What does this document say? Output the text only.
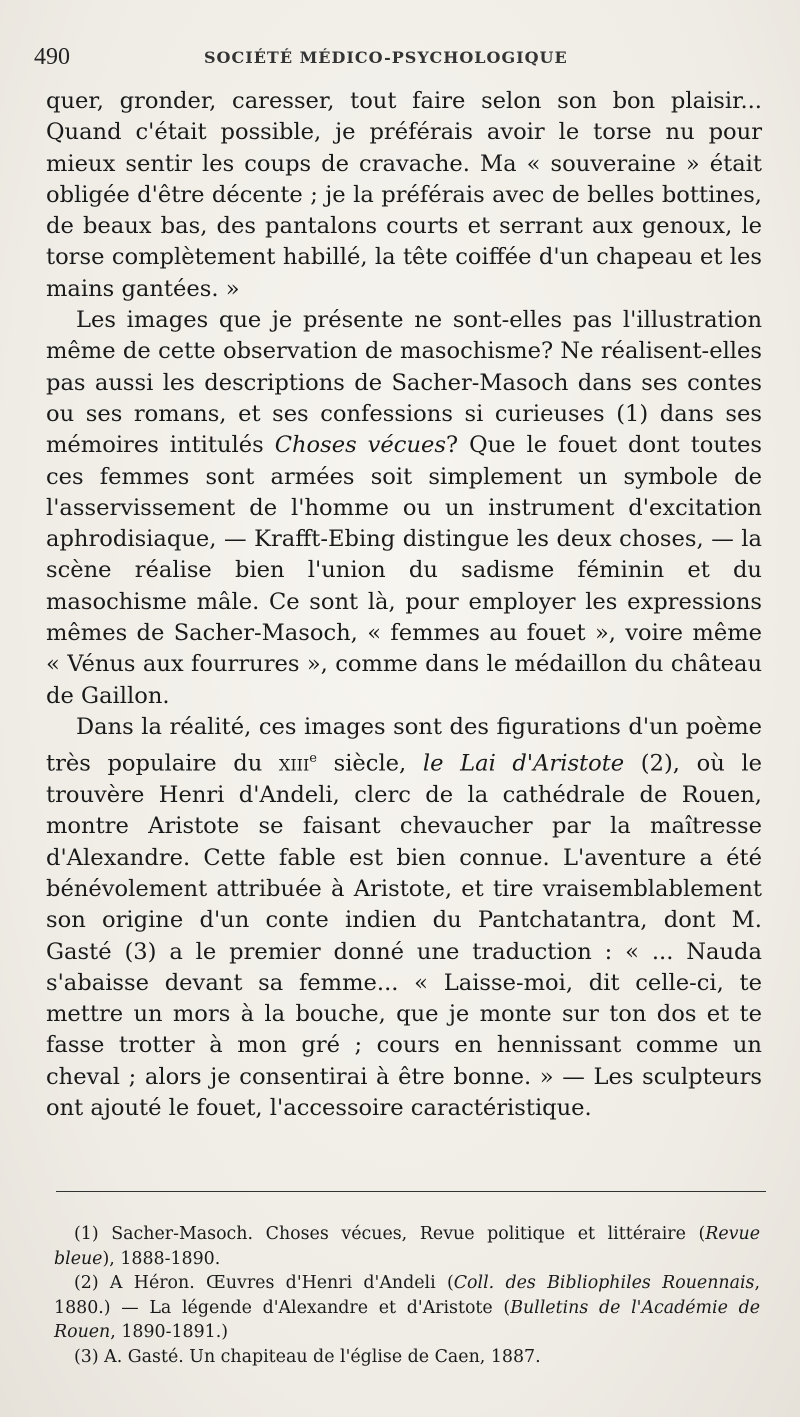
490	SOCIÉTÉ MÉDICO-PSYCHOLOGIQUE

quer, gronder, caresser, tout faire selon son bon plaisir... Quand c'était possible, je préférais avoir le torse nu pour mieux sentir les coups de cravache. Ma « souveraine » était obligée d'être décente ; je la préférais avec de belles bottines, de beaux bas, des pantalons courts et serrant aux genoux, le torse complètement habillé, la tête coiffée d'un chapeau et les mains gantées. »

Les images que je présente ne sont-elles pas l'illustration même de cette observation de masochisme? Ne réalisent-elles pas aussi les descriptions de Sacher-Masoch dans ses contes ou ses romans, et ses confessions si curieuses (1) dans ses mémoires intitulés Choses vécues? Que le fouet dont toutes ces femmes sont armées soit simplement un symbole de l'asservissement de l'homme ou un instrument d'excitation aphrodisiaque, — Krafft-Ebing distingue les deux choses, — la scène réalise bien l'union du sadisme féminin et du masochisme mâle. Ce sont là, pour employer les expressions mêmes de Sacher-Masoch, « femmes au fouet », voire même « Vénus aux fourrures », comme dans le médaillon du château de Gaillon.

Dans la réalité, ces images sont des figurations d'un poème très populaire du xiii$^e$ siècle, le Lai d'Aristote (2), où le trouvère Henri d'Andeli, clerc de la cathédrale de Rouen, montre Aristote se faisant chevaucher par la maîtresse d'Alexandre. Cette fable est bien connue. L'aventure a été bénévolement attribuée à Aristote, et tire vraisemblablement son origine d'un conte indien du Pantchatantra, dont M. Gasté (3) a le premier donné une traduction : « ... Nauda s'abaisse devant sa femme... « Laisse-moi, dit celle-ci, te mettre un mors à la bouche, que je monte sur ton dos et te fasse trotter à mon gré ; cours en hennissant comme un cheval ; alors je consentirai à être bonne. » — Les sculpteurs ont ajouté le fouet, l'accessoire caractéristique.

(1) Sacher-Masoch. Choses vécues, Revue politique et littéraire (Revue bleue), 1888-1890.

(2) A Héron. Œuvres d'Henri d'Andeli (Coll. des Bibliophiles Rouennais, 1880.) — La légende d'Alexandre et d'Aristote (Bulletins de l'Académie de Rouen, 1890-1891.)

(3) A. Gasté. Un chapiteau de l'église de Caen, 1887.
